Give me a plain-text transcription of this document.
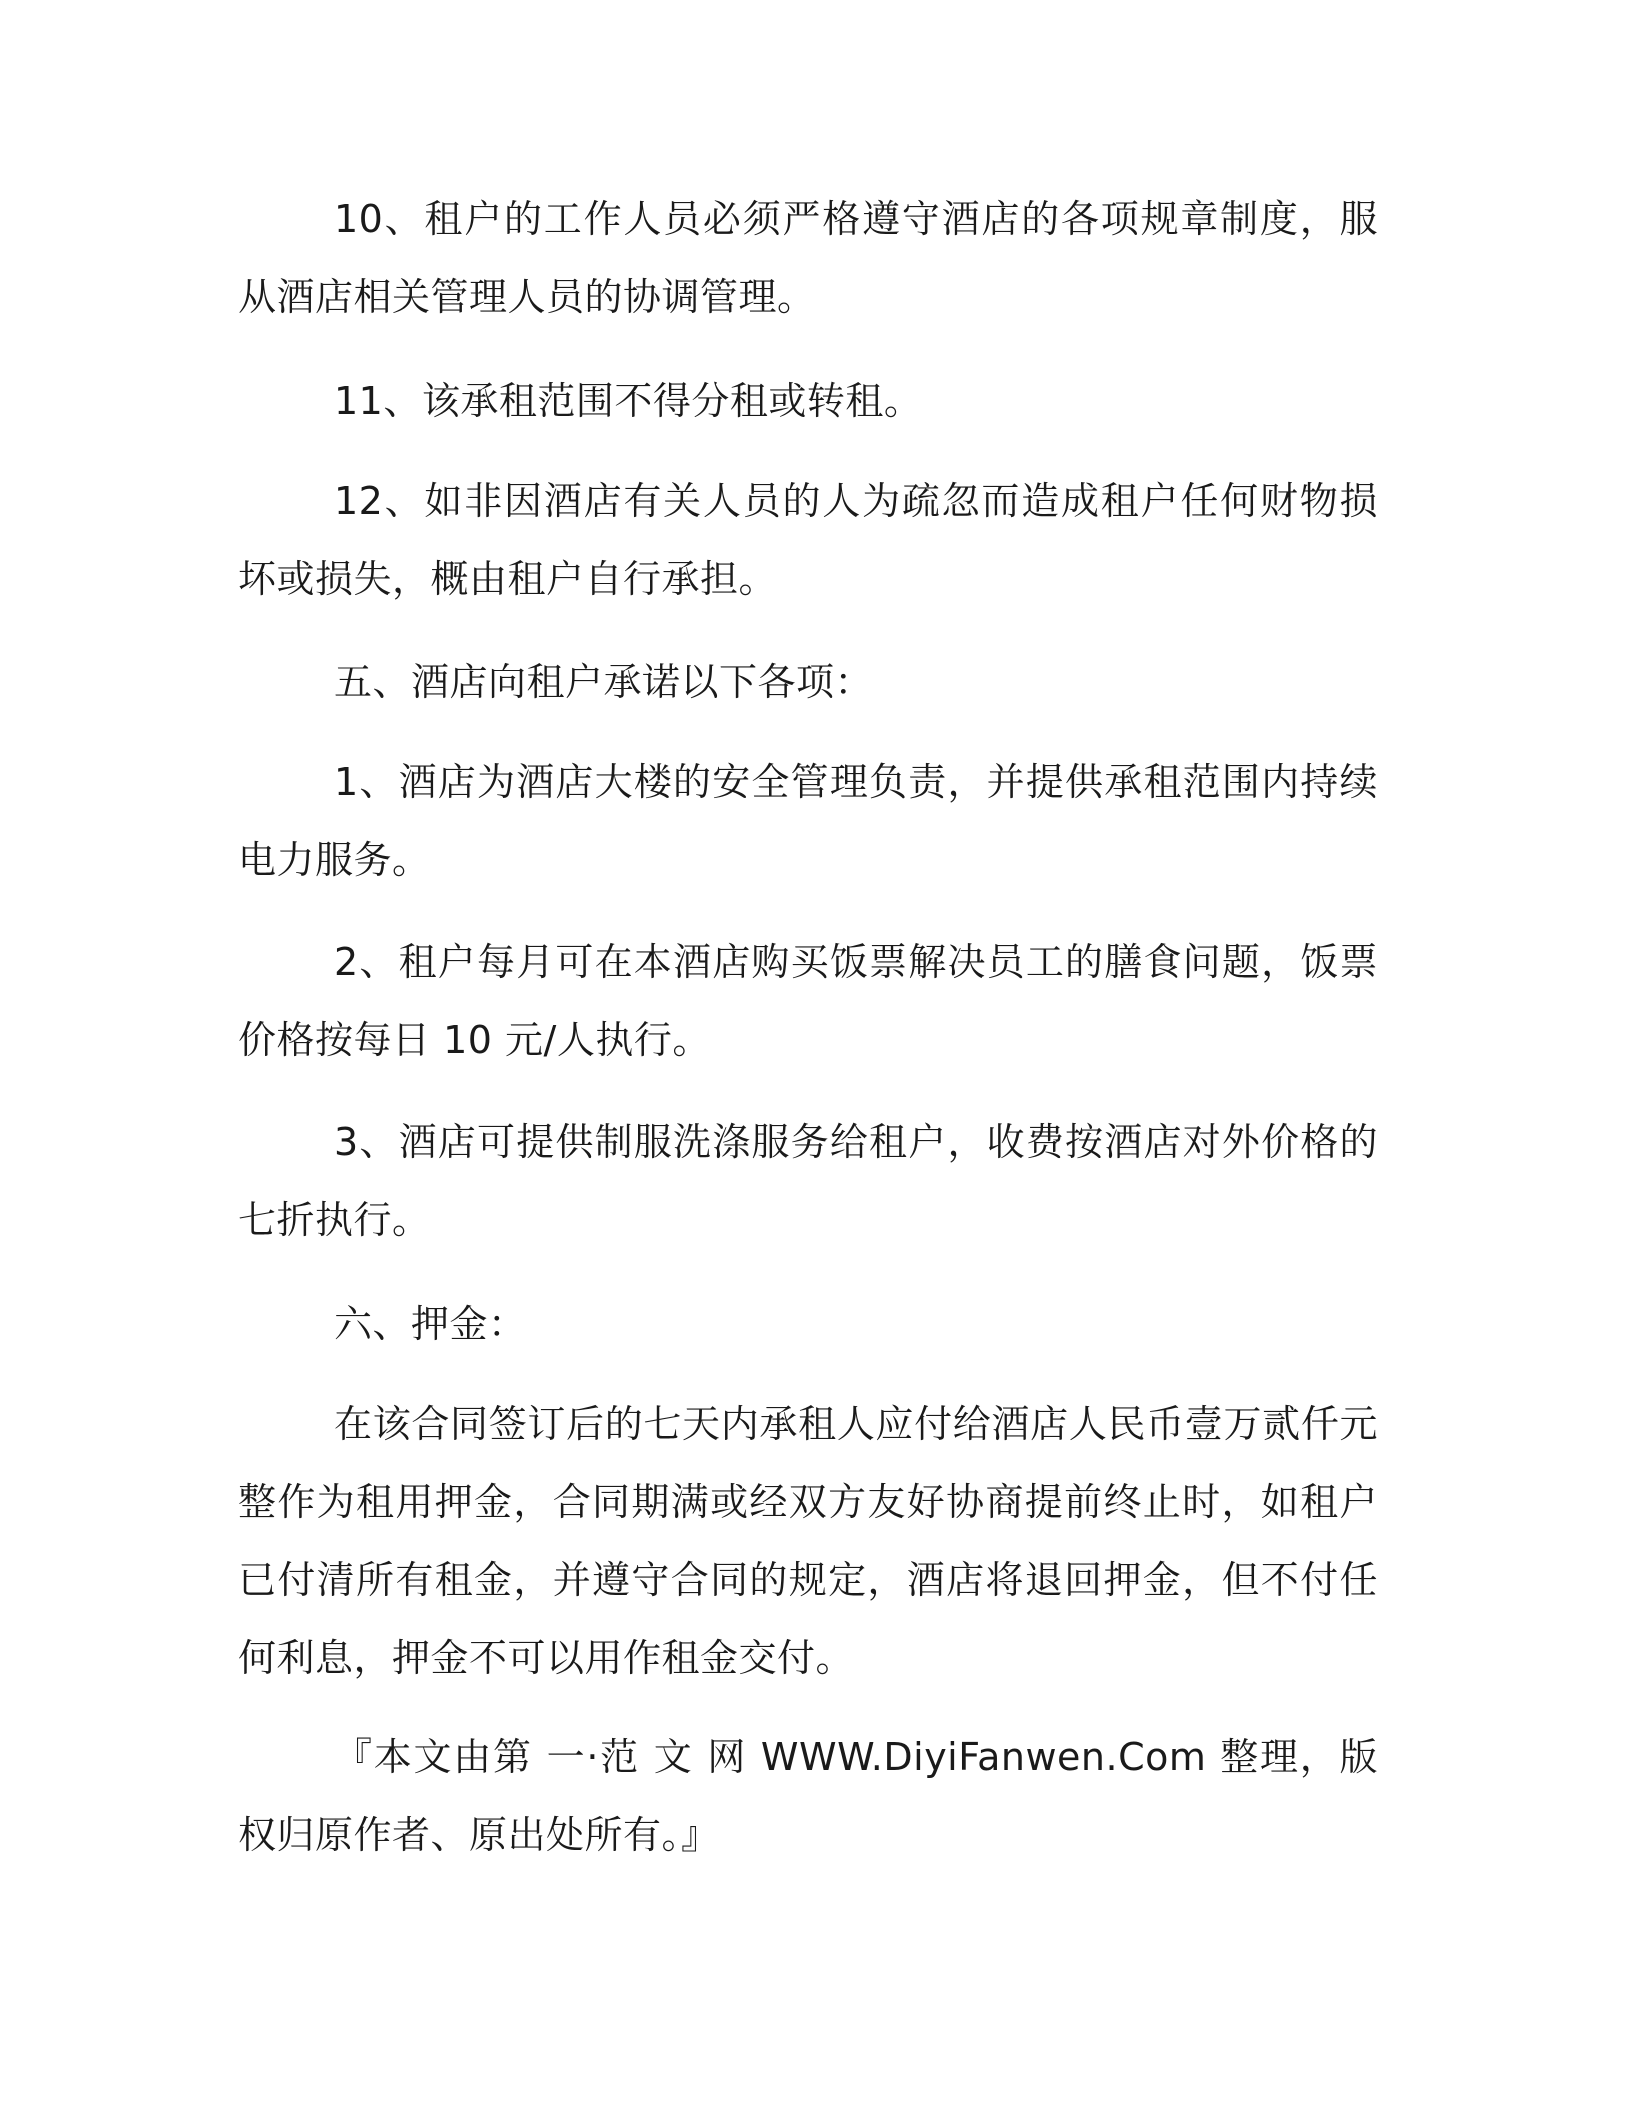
10、租户的工作人员必须严格遵守酒店的各项规章制度，服从酒店相关管理人员的协调管理。

11、该承租范围不得分租或转租。

12、如非因酒店有关人员的人为疏忽而造成租户任何财物损坏或损失，概由租户自行承担。

五、酒店向租户承诺以下各项：

1、酒店为酒店大楼的安全管理负责，并提供承租范围内持续电力服务。

2、租户每月可在本酒店购买饭票解决员工的膳食问题，饭票价格按每日 10 元/人执行。

3、酒店可提供制服洗涤服务给租户，收费按酒店对外价格的七折执行。

六、押金：

在该合同签订后的七天内承租人应付给酒店人民币壹万贰仟元整作为租用押金，合同期满或经双方友好协商提前终止时，如租户已付清所有租金，并遵守合同的规定，酒店将退回押金，但不付任何利息，押金不可以用作租金交付。

『本文由第 一·范 文 网 WWW.DiyiFanwen.Com 整理，版权归原作者、原出处所有。』
